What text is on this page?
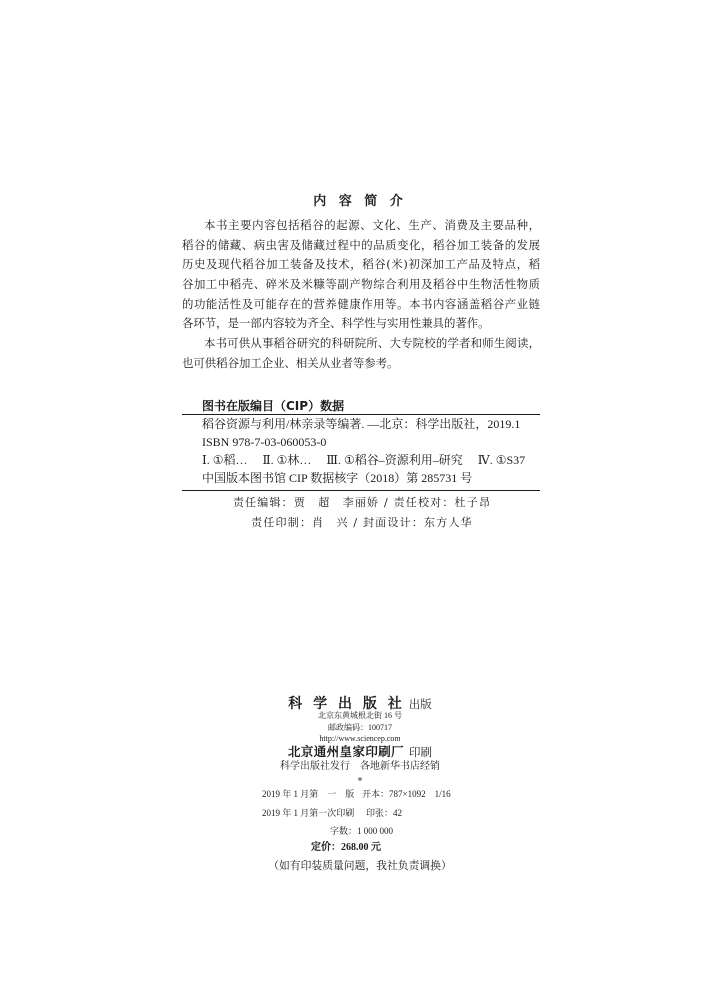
内 容 简 介
本书主要内容包括稻谷的起源、文化、生产、消费及主要品种，
稻谷的储藏、病虫害及储藏过程中的品质变化，稻谷加工装备的发展
历史及现代稻谷加工装备及技术，稻谷(米)初深加工产品及特点，稻
谷加工中稻壳、碎米及米糠等副产物综合利用及稻谷中生物活性物质
的功能活性及可能存在的营养健康作用等。本书内容涵盖稻谷产业链
各环节，是一部内容较为齐全、科学性与实用性兼具的著作。
本书可供从事稻谷研究的科研院所、大专院校的学者和师生阅读，
也可供稻谷加工企业、相关从业者等参考。
图书在版编目（CIP）数据
稻谷资源与利用/林亲录等编著. —北京：科学出版社，2019.1
ISBN 978-7-03-060053-0
Ⅰ. ①稻…　 Ⅱ. ①林…　 Ⅲ. ①稻谷–资源利用–研究　 Ⅳ. ①S37
中国版本图书馆 CIP 数据核字（2018）第 285731 号
责任编辑：贾　超　李丽娇 / 责任校对：杜子昂
责任印制：肖　兴 / 封面设计：东方人华
科 学 出 版 社 出版
北京东黄城根北街 16 号
邮政编码：100717
http://www.sciencep.com
北京通州皇家印刷厂 印刷
科学出版社发行　各地新华书店经销
*
2019 年 1 月第　一　版 开本：787×1092　1/16
2019 年 1 月第一次印刷 印张：42
字数：1 000 000
定价：268.00 元
（如有印装质量问题，我社负责调换）
